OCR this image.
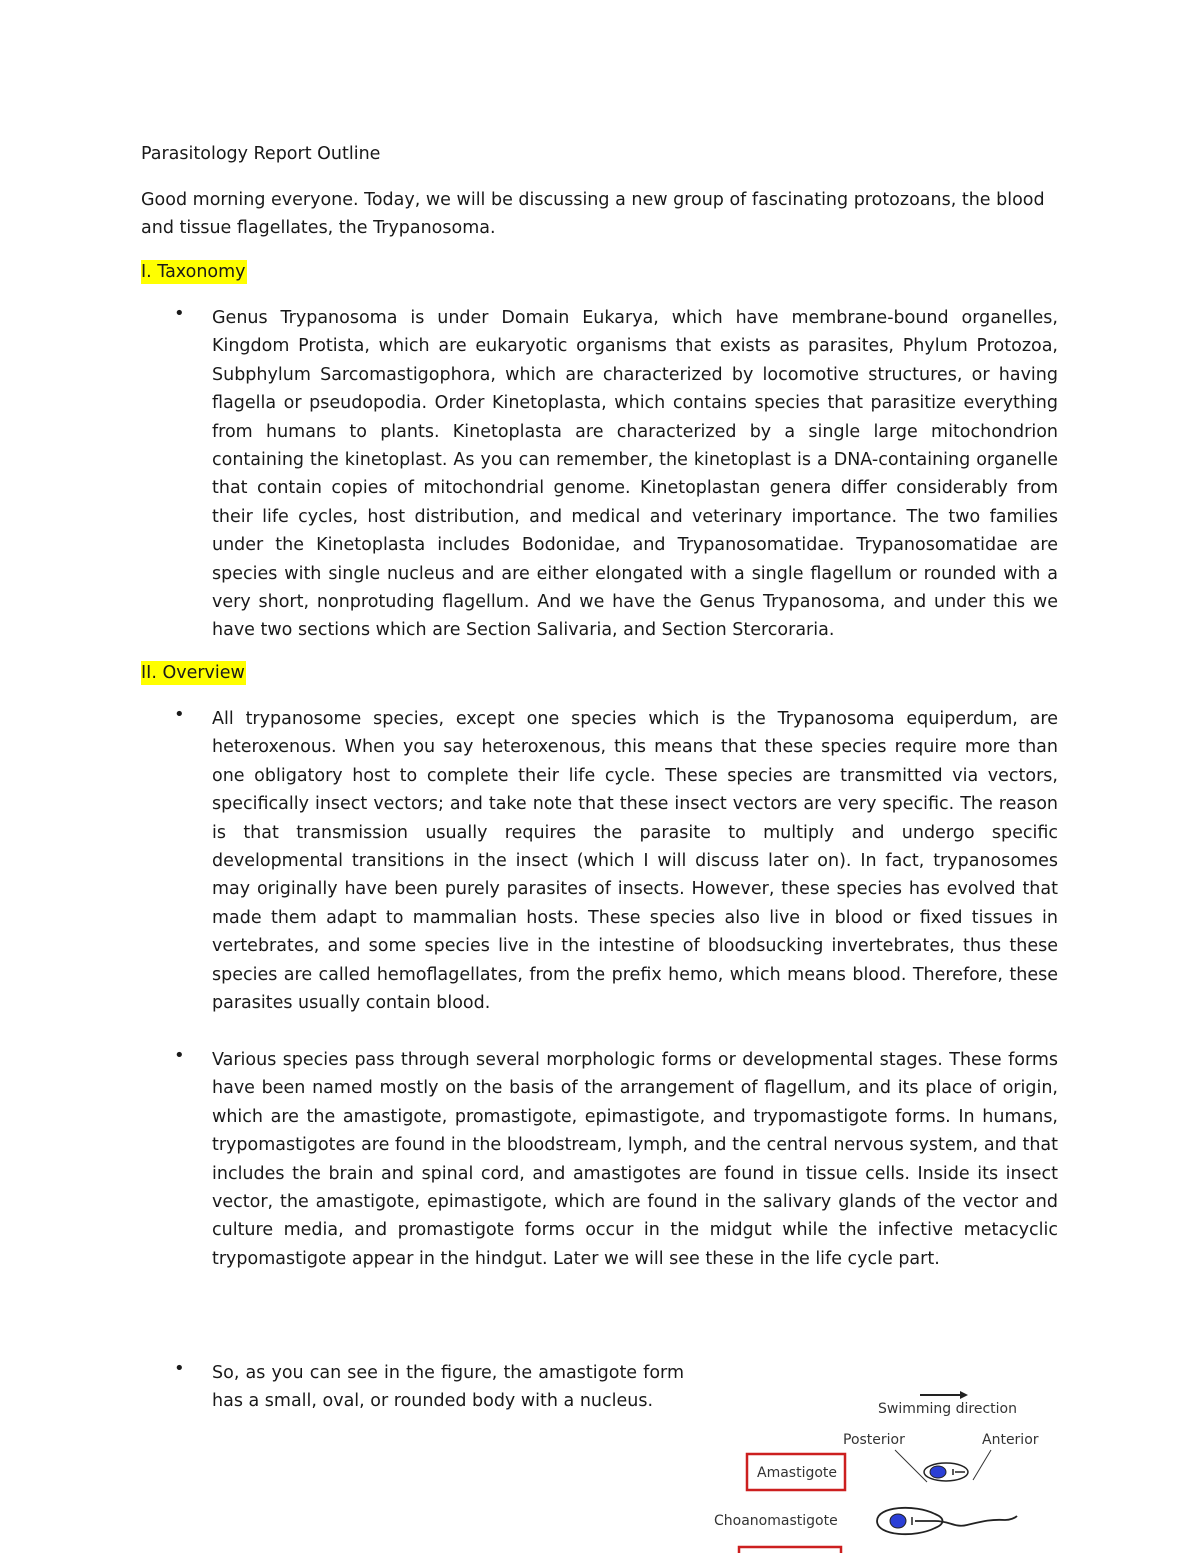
Parasitology Report Outline

Good morning everyone. Today, we will be discussing a new group of fascinating protozoans, the blood and tissue flagellates, the Trypanosoma.

I. Taxonomy
• Genus Trypanosoma is under Domain Eukarya, which have membrane-bound organelles, Kingdom Protista, which are eukaryotic organisms that exists as parasites, Phylum Protozoa, Subphylum Sarcomastigophora, which are characterized by locomotive structures, or having flagella or pseudopodia. Order Kinetoplasta, which contains species that parasitize everything from humans to plants. Kinetoplasta are characterized by a single large mitochondrion containing the kinetoplast. As you can remember, the kinetoplast is a DNA-containing organelle that contain copies of mitochondrial genome. Kinetoplastan genera differ considerably from their life cycles, host distribution, and medical and veterinary importance. The two families under the Kinetoplasta includes Bodonidae, and Trypanosomatidae. Trypanosomatidae are species with single nucleus and are either elongated with a single flagellum or rounded with a very short, nonprotuding flagellum. And we have the Genus Trypanosoma, and under this we have two sections which are Section Salivaria, and Section Stercoraria.

II. Overview
• All trypanosome species, except one species which is the Trypanosoma equiperdum, are heteroxenous. When you say heteroxenous, this means that these species require more than one obligatory host to complete their life cycle. These species are transmitted via vectors, specifically insect vectors; and take note that these insect vectors are very specific. The reason is that transmission usually requires the parasite to multiply and undergo specific developmental transitions in the insect (which I will discuss later on). In fact, trypanosomes may originally have been purely parasites of insects. However, these species has evolved that made them adapt to mammalian hosts. These species also live in blood or fixed tissues in vertebrates, and some species live in the intestine of bloodsucking invertebrates, thus these species are called hemoflagellates, from the prefix hemo, which means blood. Therefore, these parasites usually contain blood.

• Various species pass through several morphologic forms or developmental stages. These forms have been named mostly on the basis of the arrangement of flagellum, and its place of origin, which are the amastigote, promastigote, epimastigote, and trypomastigote forms. In humans, trypomastigotes are found in the bloodstream, lymph, and the central nervous system, and that includes the brain and spinal cord, and amastigotes are found in tissue cells. Inside its insect vector, the amastigote, epimastigote, which are found in the salivary glands of the vector and culture media, and promastigote forms occur in the midgut while the infective metacyclic trypomastigote appear in the hindgut. Later we will see these in the life cycle part.

• So, as you can see in the figure, the amastigote form has a small, oval, or rounded body with a nucleus.	Swimming direction
Posterior	Anterior
Amastigote
Choanomastigote
